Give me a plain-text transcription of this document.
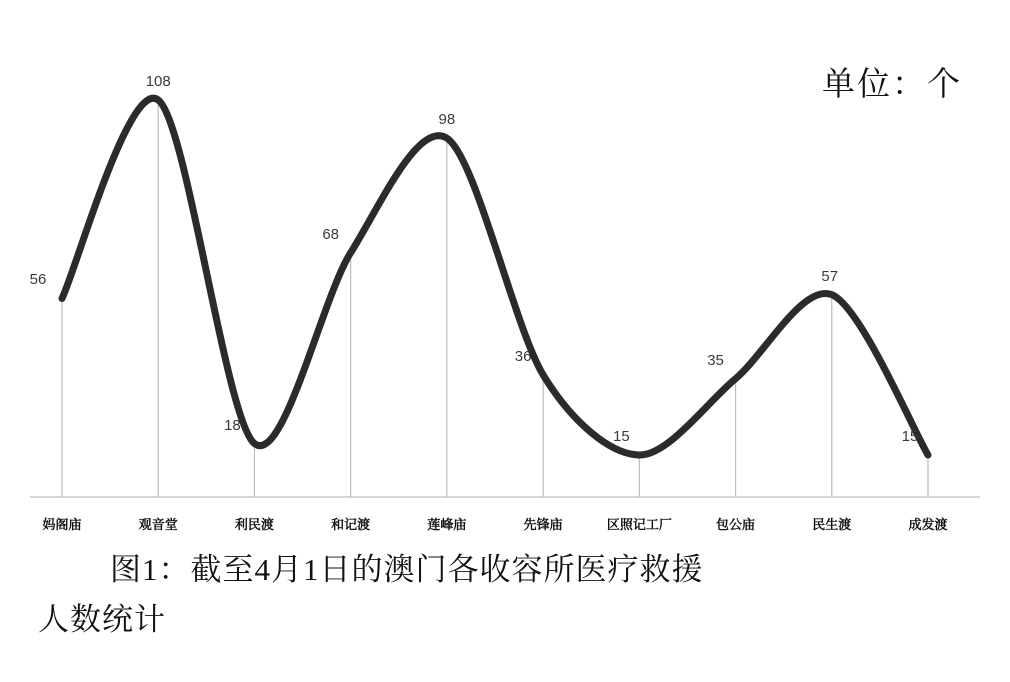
单位：个
56
108
18
68
98
36
15
35
57
15
妈阁庙	观音堂	利民渡	和记渡	莲峰庙	先锋庙	区照记工厂	包公庙	民生渡	成发渡
图1：截至4月1日的澳门各收容所医疗救援
人数统计
